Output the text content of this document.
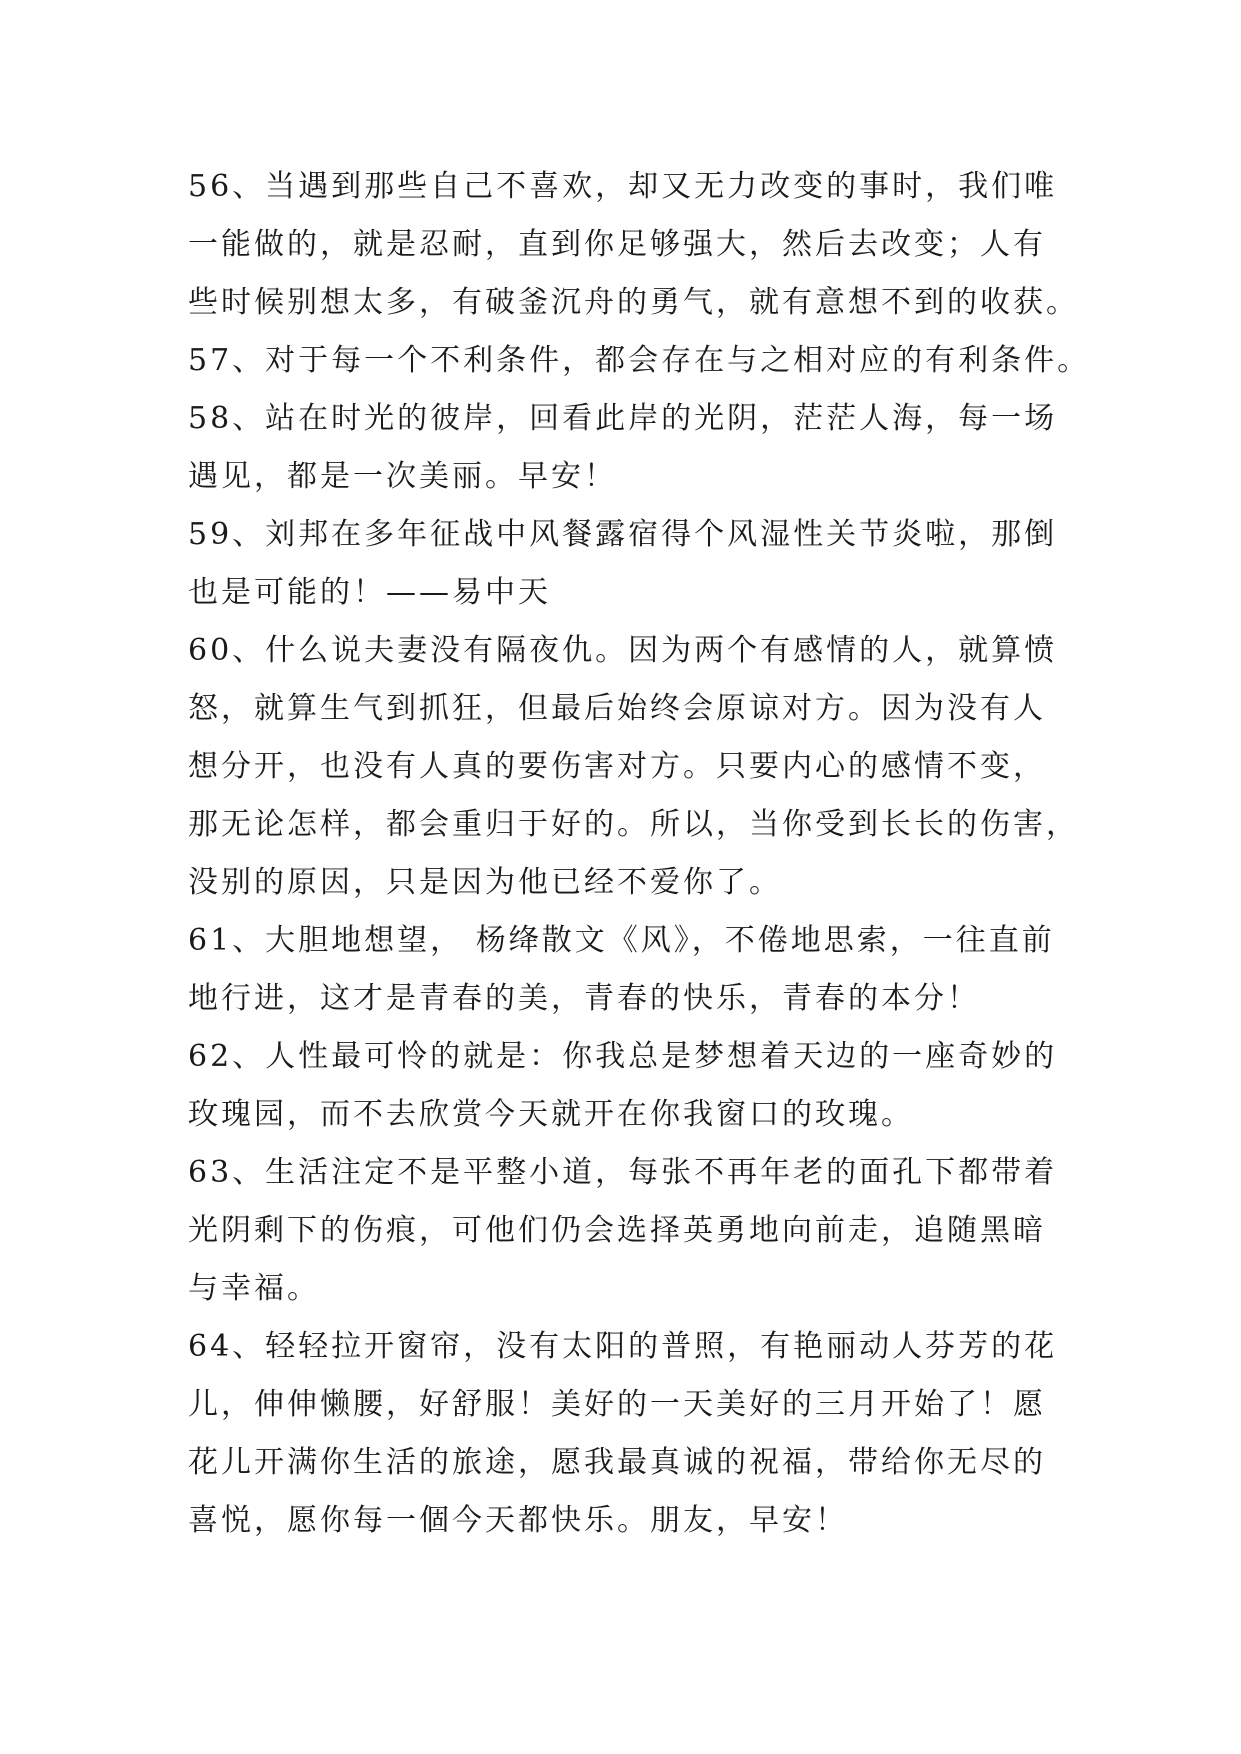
56、当遇到那些自己不喜欢，却又无力改变的事时，我们唯
一能做的，就是忍耐，直到你足够强大，然后去改变；人有
些时候别想太多，有破釜沉舟的勇气，就有意想不到的收获。
57、对于每一个不利条件，都会存在与之相对应的有利条件。
58、站在时光的彼岸，回看此岸的光阴，茫茫人海，每一场
遇见，都是一次美丽。早安！
59、刘邦在多年征战中风餐露宿得个风湿性关节炎啦，那倒
也是可能的！——易中天
60、什么说夫妻没有隔夜仇。因为两个有感情的人，就算愤
怒，就算生气到抓狂，但最后始终会原谅对方。因为没有人
想分开，也没有人真的要伤害对方。只要内心的感情不变，
那无论怎样，都会重归于好的。所以，当你受到长长的伤害，
没别的原因，只是因为他已经不爱你了。
61、大胆地想望， 杨绛散文《风》，不倦地思索，一往直前
地行进，这才是青春的美，青春的快乐，青春的本分！
62、人性最可怜的就是：你我总是梦想着天边的一座奇妙的
玫瑰园，而不去欣赏今天就开在你我窗口的玫瑰。
63、生活注定不是平整小道，每张不再年老的面孔下都带着
光阴剩下的伤痕，可他们仍会选择英勇地向前走，追随黑暗
与幸福。
64、轻轻拉开窗帘，没有太阳的普照，有艳丽动人芬芳的花
儿，伸伸懒腰，好舒服！美好的一天美好的三月开始了！愿
花儿开满你生活的旅途，愿我最真诚的祝福，带给你无尽的
喜悦，愿你每一個今天都快乐。朋友，早安！
